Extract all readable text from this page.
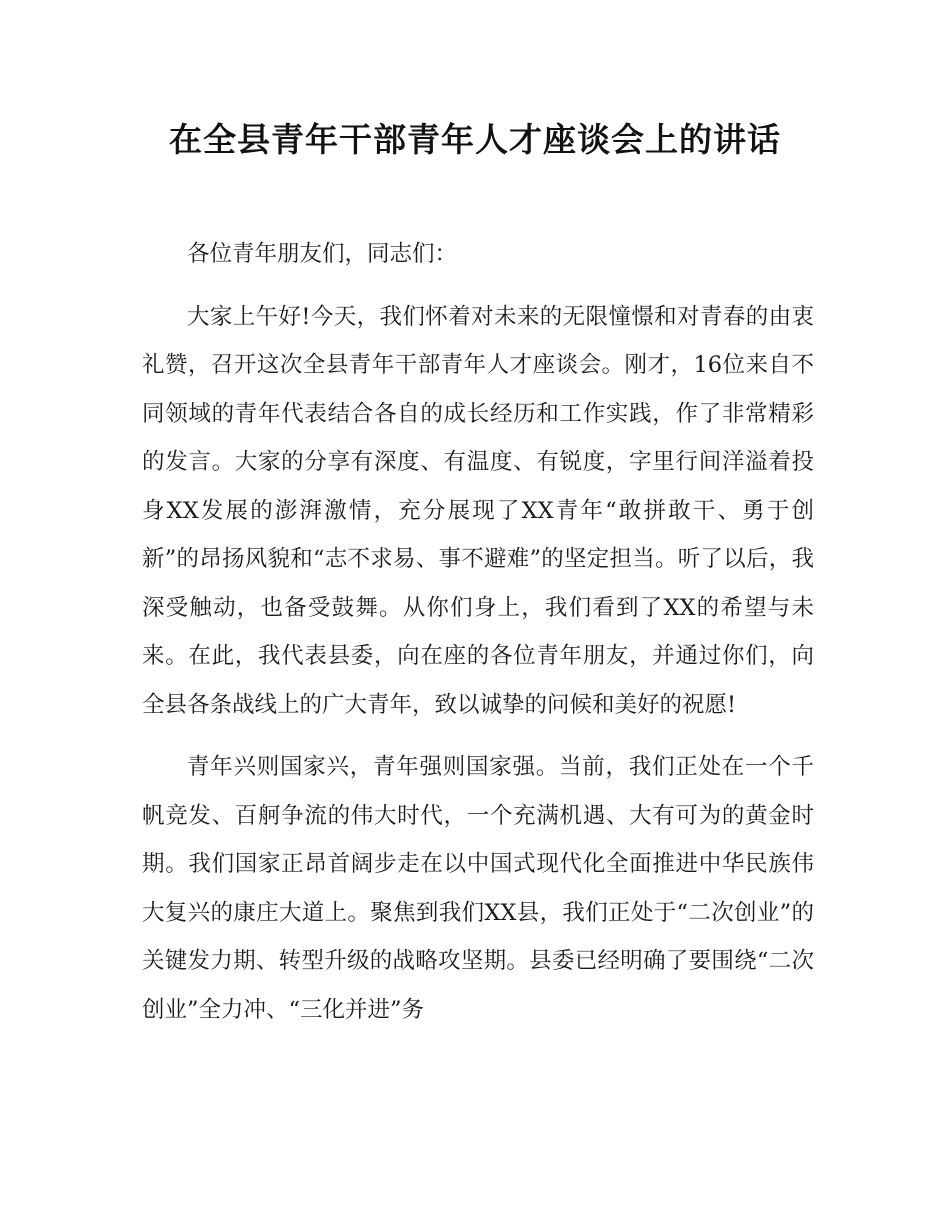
在全县青年干部青年人才座谈会上的讲话

各位青年朋友们，同志们：

大家上午好!今天，我们怀着对未来的无限憧憬和对青春的由衷礼赞，召开这次全县青年干部青年人才座谈会。刚才，16位来自不同领域的青年代表结合各自的成长经历和工作实践，作了非常精彩的发言。大家的分享有深度、有温度、有锐度，字里行间洋溢着投身XX发展的澎湃激情，充分展现了XX青年“敢拼敢干、勇于创新”的昂扬风貌和“志不求易、事不避难”的坚定担当。听了以后，我深受触动，也备受鼓舞。从你们身上，我们看到了XX的希望与未来。在此，我代表县委，向在座的各位青年朋友，并通过你们，向全县各条战线上的广大青年，致以诚挚的问候和美好的祝愿!

青年兴则国家兴，青年强则国家强。当前，我们正处在一个千帆竞发、百舸争流的伟大时代，一个充满机遇、大有可为的黄金时期。我们国家正昂首阔步走在以中国式现代化全面推进中华民族伟大复兴的康庄大道上。聚焦到我们XX县，我们正处于“二次创业”的关键发力期、转型升级的战略攻坚期。县委已经明确了要围绕“二次创业”全力冲、“三化并进”务
